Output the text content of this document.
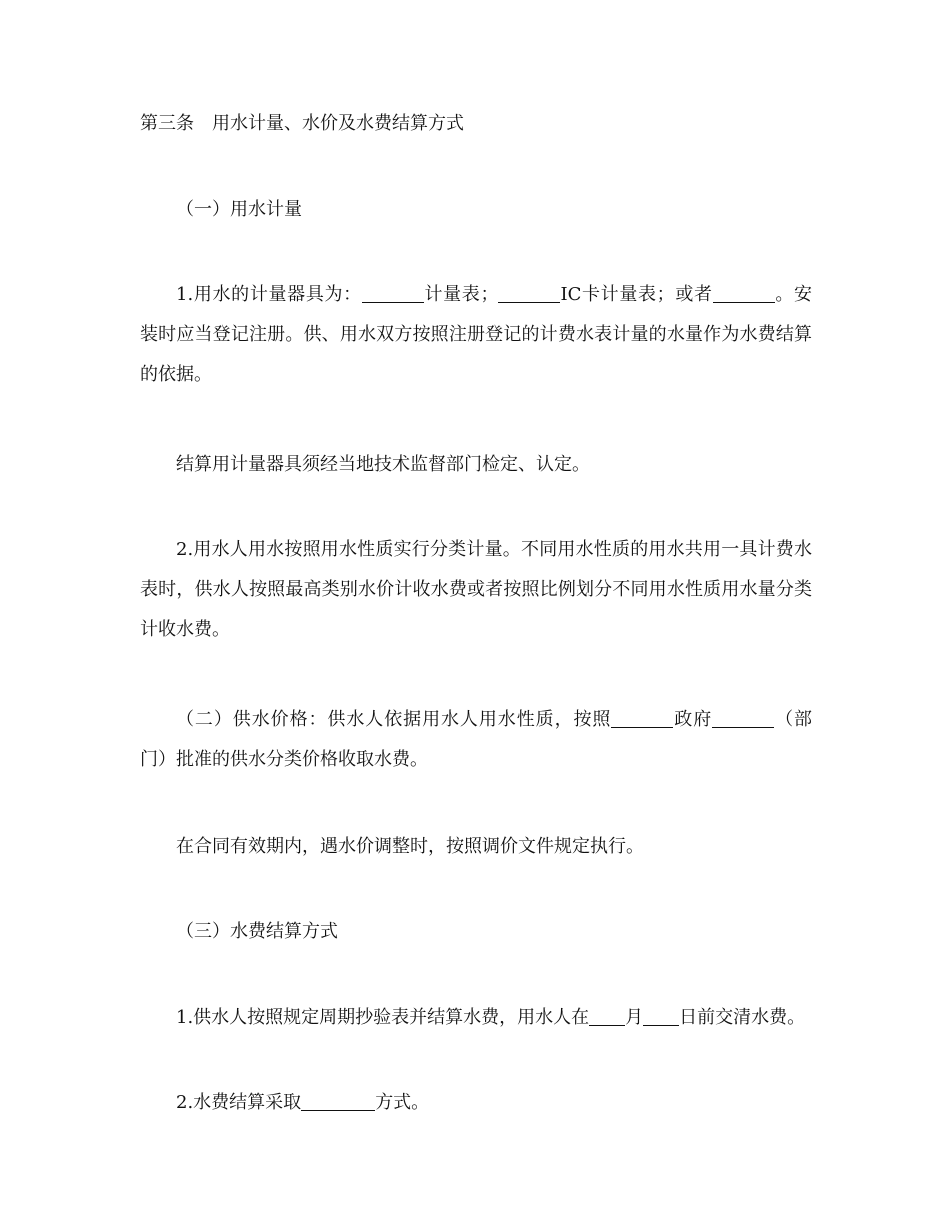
第三条　用水计量、水价及水费结算方式
（一）用水计量

1.用水的计量器具为：	计量表；	IC卡计量表；或者	。安装时应当登记注册。供、用水双方按照注册登记的计费水表计量的水量作为水费结算的依据。

结算用计量器具须经当地技术监督部门检定、认定。

2.用水人用水按照用水性质实行分类计量。不同用水性质的用水共用一具计费水表时，供水人按照最高类别水价计收水费或者按照比例划分不同用水性质用水量分类计收水费。

（二）供水价格：供水人依据用水人用水性质，按照	政府	（部门）批准的供水分类价格收取水费。

在合同有效期内，遇水价调整时，按照调价文件规定执行。
（三）水费结算方式
1.供水人按照规定周期抄验表并结算水费，用水人在 月 日前交清水费。
2.水费结算采取	方式。
